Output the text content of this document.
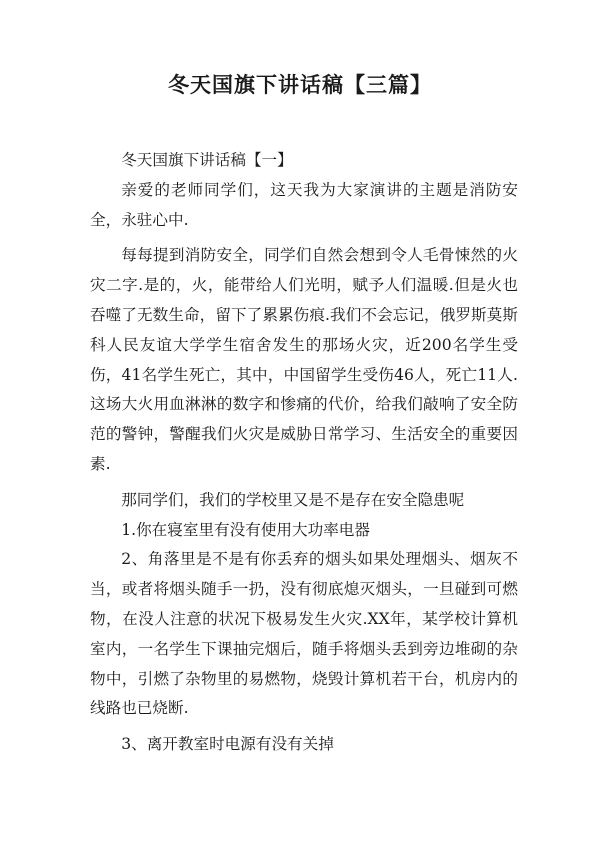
冬天国旗下讲话稿【三篇】

冬天国旗下讲话稿【一】

亲爱的老师同学们，这天我为大家演讲的主题是消防安全，永驻心中.

每每提到消防安全，同学们自然会想到令人毛骨悚然的火灾二字.是的，火，能带给人们光明，赋予人们温暖.但是火也吞噬了无数生命，留下了累累伤痕.我们不会忘记，俄罗斯莫斯科人民友谊大学学生宿舍发生的那场火灾，近200名学生受伤，41名学生死亡，其中，中国留学生受伤46人，死亡11人.这场大火用血淋淋的数字和惨痛的代价，给我们敲响了安全防范的警钟，警醒我们火灾是威胁日常学习、生活安全的重要因素.

那同学们，我们的学校里又是不是存在安全隐患呢

1.你在寝室里有没有使用大功率电器

2、角落里是不是有你丢弃的烟头如果处理烟头、烟灰不当，或者将烟头随手一扔，没有彻底熄灭烟头，一旦碰到可燃物，在没人注意的状况下极易发生火灾.XX年，某学校计算机室内，一名学生下课抽完烟后，随手将烟头丢到旁边堆砌的杂物中，引燃了杂物里的易燃物，烧毁计算机若干台，机房内的线路也已烧断.

3、离开教室时电源有没有关掉
